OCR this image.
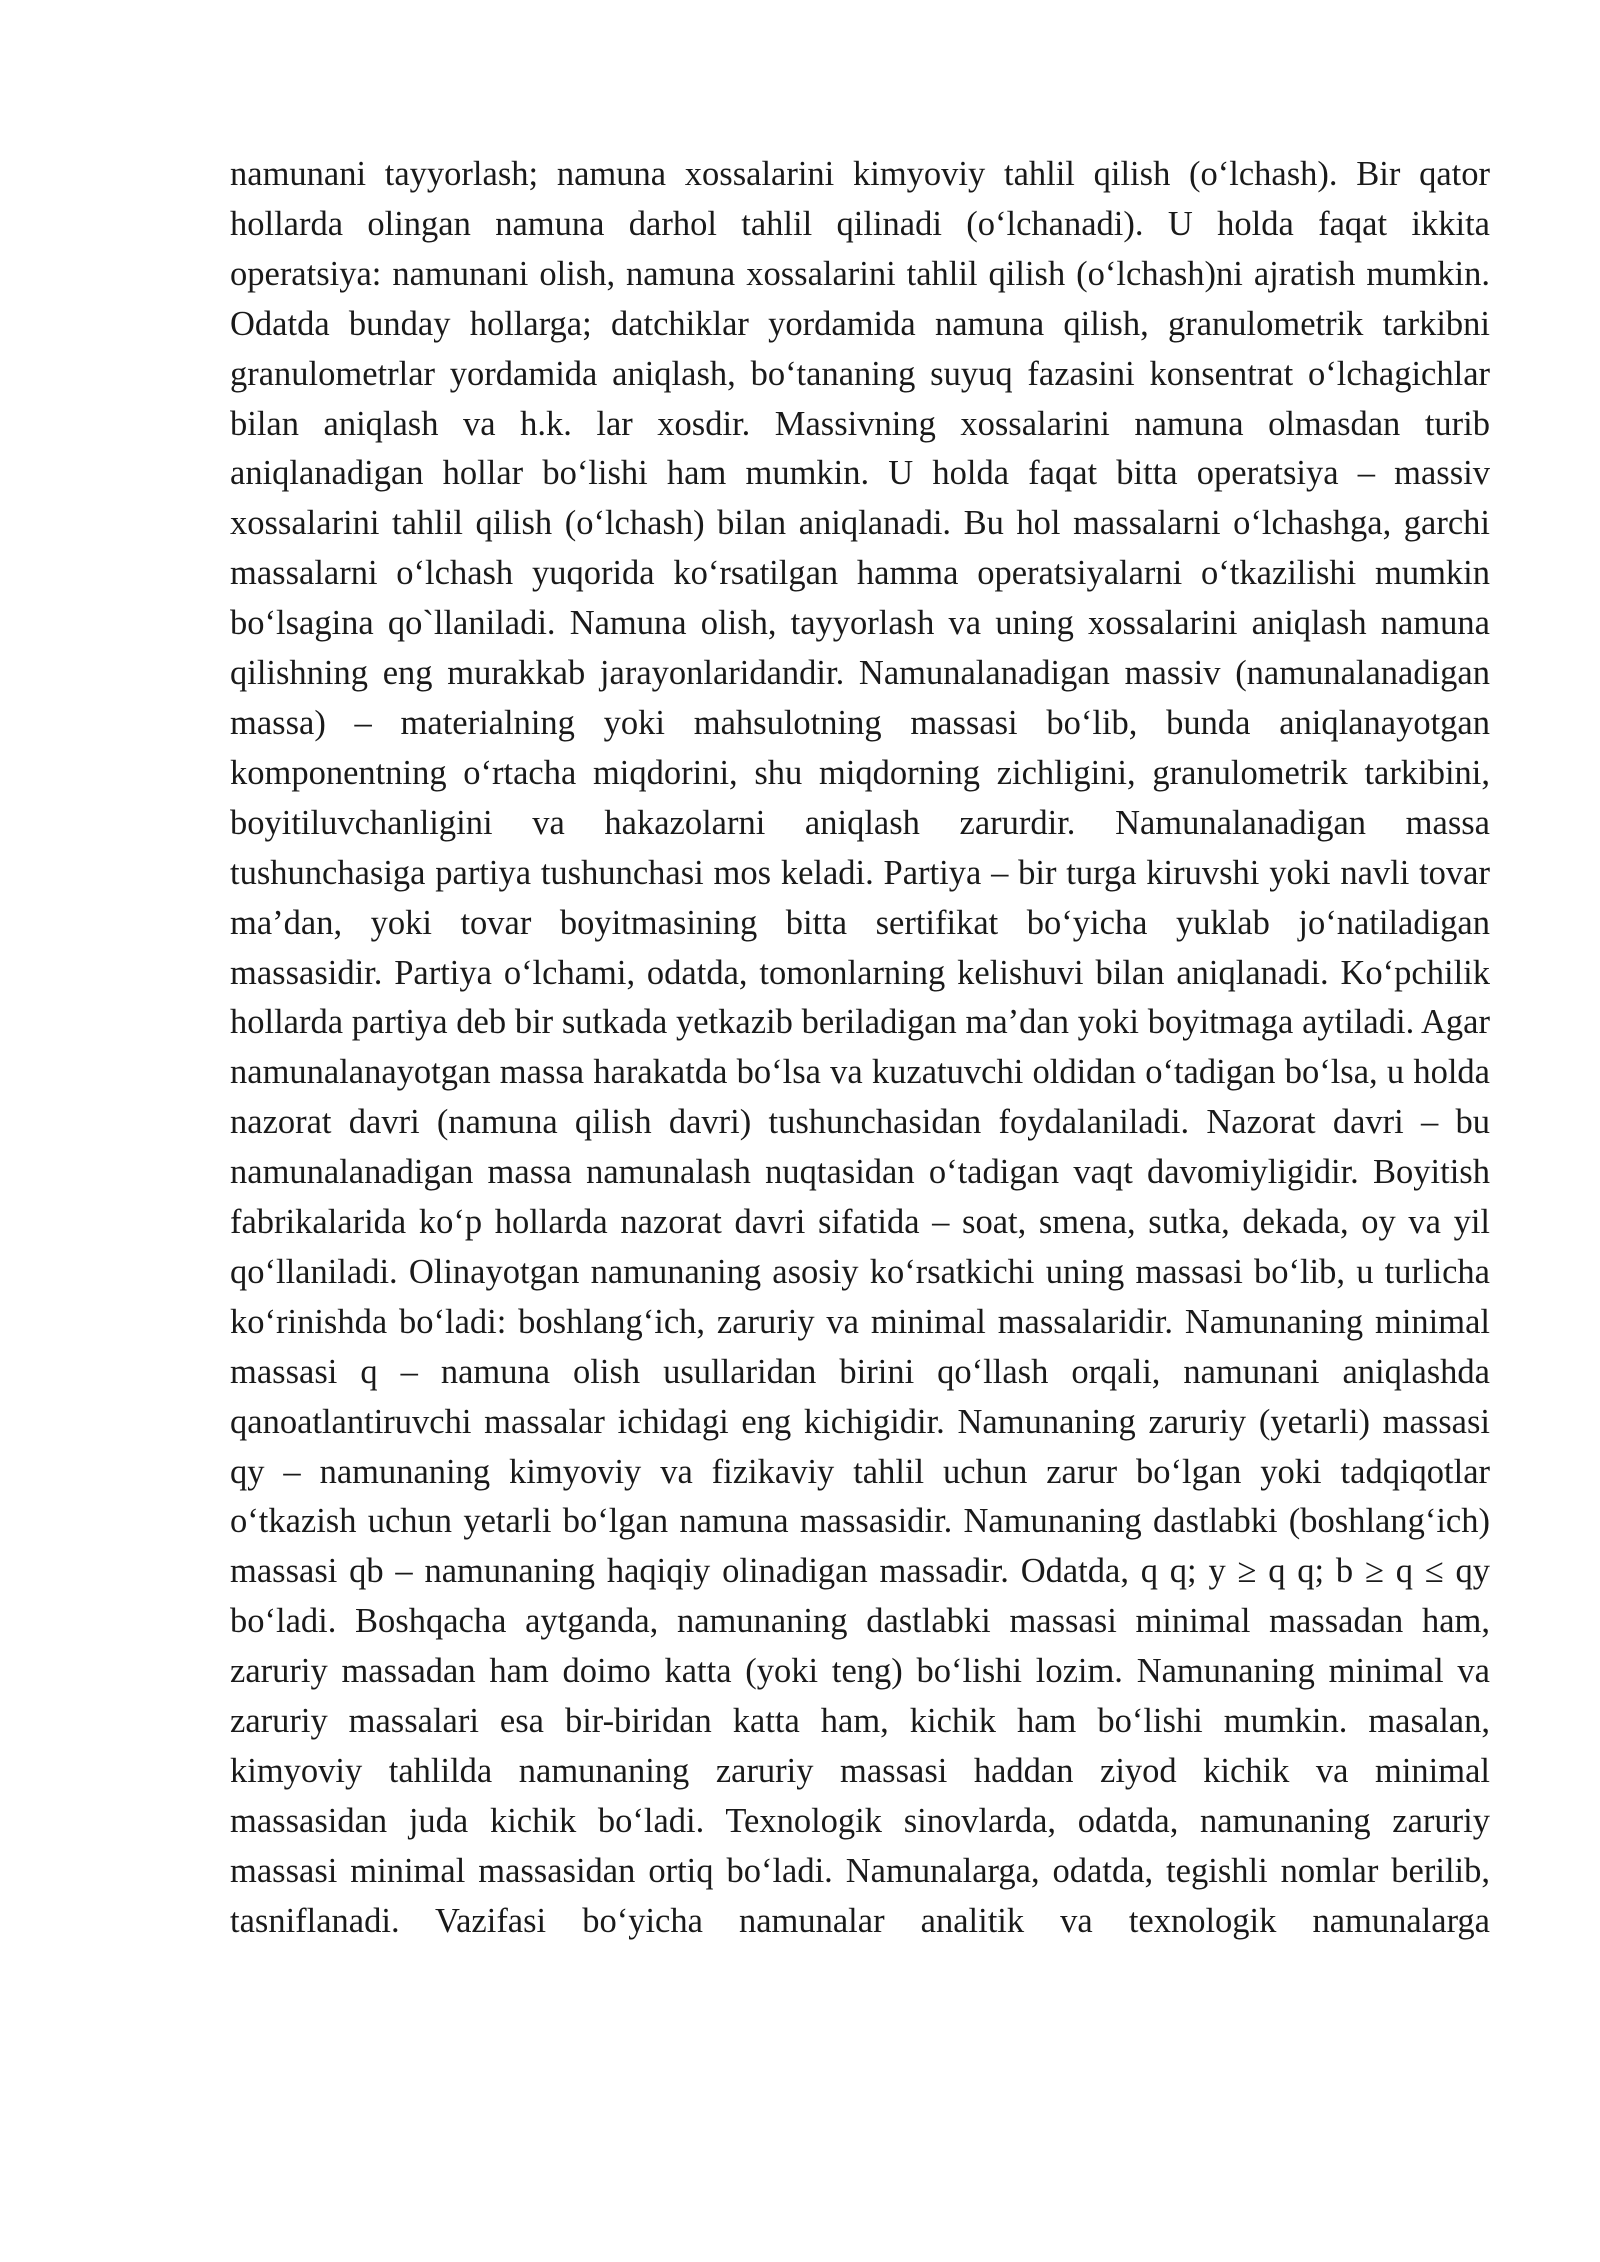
namunani tayyorlash; namuna xossalarini kimyoviy tahlil qilish (o‘lchash). Bir qator hollarda olingan namuna darhol tahlil qilinadi (o‘lchanadi). U holda faqat ikkita operatsiya: namunani olish, namuna xossalarini tahlil qilish (o‘lchash)ni ajratish mumkin. Odatda bunday hollarga; datchiklar yordamida namuna qilish, granulometrik tarkibni granulometrlar yordamida aniqlash, bo‘tananing suyuq fazasini konsentrat o‘lchagichlar bilan aniqlash va h.k. lar xosdir. Massivning xossalarini namuna olmasdan turib aniqlanadigan hollar bo‘lishi ham mumkin. U holda faqat bitta operatsiya – massiv xossalarini tahlil qilish (o‘lchash) bilan aniqlanadi. Bu hol massalarni o‘lchashga, garchi massalarni o‘lchash yuqorida ko‘rsatilgan hamma operatsiyalarni o‘tkazilishi mumkin bo‘lsagina qo`llaniladi. Namuna olish, tayyorlash va uning xossalarini aniqlash namuna qilishning eng murakkab jarayonlaridandir. Namunalanadigan massiv (namunalanadigan massa) – materialning yoki mahsulotning massasi bo‘lib, bunda aniqlanayotgan komponentning o‘rtacha miqdorini, shu miqdorning zichligini, granulometrik tarkibini, boyitiluvchanligini va hakazolarni aniqlash zarurdir. Namunalanadigan massa tushunchasiga partiya tushunchasi mos keladi. Partiya – bir turga kiruvshi yoki navli tovar ma’dan, yoki tovar boyitmasining bitta sertifikat bo‘yicha yuklab jo‘natiladigan massasidir. Partiya o‘lchami, odatda, tomonlarning kelishuvi bilan aniqlanadi. Ko‘pchilik hollarda partiya deb bir sutkada yetkazib beriladigan ma’dan yoki boyitmaga aytiladi. Agar namunalanayotgan massa harakatda bo‘lsa va kuzatuvchi oldidan o‘tadigan bo‘lsa, u holda nazorat davri (namuna qilish davri) tushunchasidan foydalaniladi. Nazorat davri – bu namunalanadigan massa namunalash nuqtasidan o‘tadigan vaqt davomiyligidir. Boyitish fabrikalarida ko‘p hollarda nazorat davri sifatida – soat, smena, sutka, dekada, oy va yil qo‘llaniladi. Olinayotgan namunaning asosiy ko‘rsatkichi uning massasi bo‘lib, u turlicha ko‘rinishda bo‘ladi: boshlang‘ich, zaruriy va minimal massalaridir. Namunaning minimal massasi q – namuna olish usullaridan birini qo‘llash orqali, namunani aniqlashda qanoatlantiruvchi massalar ichidagi eng kichigidir. Namunaning zaruriy (yetarli) massasi qy – namunaning kimyoviy va fizikaviy tahlil uchun zarur bo‘lgan yoki tadqiqotlar o‘tkazish uchun yetarli bo‘lgan namuna massasidir. Namunaning dastlabki (boshlang‘ich) massasi qb – namunaning haqiqiy olinadigan massadir. Odatda, q q; y ≥ q q; b ≥ q ≤ qy bo‘ladi. Boshqacha aytganda, namunaning dastlabki massasi minimal massadan ham, zaruriy massadan ham doimo katta (yoki teng) bo‘lishi lozim. Namunaning minimal va zaruriy massalari esa bir-biridan katta ham, kichik ham bo‘lishi mumkin. masalan, kimyoviy tahlilda namunaning zaruriy massasi haddan ziyod kichik va minimal massasidan juda kichik bo‘ladi. Texnologik sinovlarda, odatda, namunaning zaruriy massasi minimal massasidan ortiq bo‘ladi. Namunalarga, odatda, tegishli nomlar berilib, tasniflanadi. Vazifasi bo‘yicha namunalar analitik va texnologik namunalarga
